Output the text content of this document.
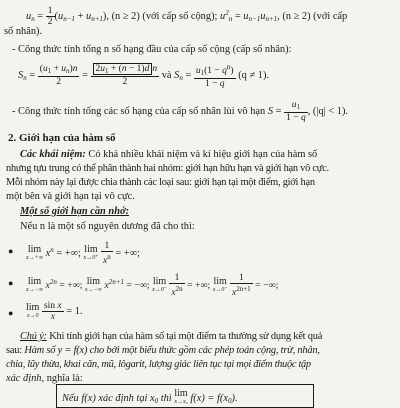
$u_n = \frac{1}{2} (u_{n-1} + u_{n+1})$, (n ≥ 2) (với cấp số cộng); $u^2_n = u_{n-1}u_{n+1}$, (n ≥ 2) (với cấp
số nhân).
- Công thức tính tổng n số hạng đầu của cấp số cộng (cấp số nhân):
$S_n = \frac{(u_1 + u_n)n}{2} = \frac{2u_1 + (n - 1)d n}{2}$ và $S_n = \frac{u_1(1 - q^n)}{1 - q} (q \ne 1)$.
- Công thức tính tổng các số hạng của cấp số nhân lùi vô hạn $S = \frac{u_1}{1 - q}$ , (|q| < 1).
2. Giới hạn của hàm số
Các khái niệm: Có khá nhiều khái niệm và kí hiệu giới hạn của hàm số
nhưng tựu trung có thể phân thành hai nhóm: giới hạn hữu hạn và giới hạn vô cực.
Mỗi nhóm này lại được chia thành các loại sau: giới hạn tại một điểm, giới hạn
một bên và giới hạn tại vô cực.
Một số giới hạn cần nhớ:
Nếu n là một số nguyên dương đã cho thì:
● lim
x→+∞ $x^n$ = +∞; lim
x→0⁺
$\frac{1}{x^n}$ = +∞;
● lim
x→−∞ $x^{2n}$ = +∞; lim
x→−∞ $x^{2n+1}$ = −∞; lim
x→0⁻
$\frac{1}{x^{2n}}$ = +∞; lim
x→0⁻
$\frac{1}{x^{2n+1}}$ = −∞;
●
lim
x→0
$\frac{\text{sin x}}{x} = 1$.
Chú ý: Khi tính giới hạn của hàm số tại một điểm ta thường sử dụng kết quả
sau: Hàm số y = f(x) cho bởi một biểu thức gồm các phép toán cộng, trừ, nhân,
chia, lũy thừa, khai căn, mũ, lôgarit, lượng giác liên tục tại mọi điểm thuộc tập
xác định, nghĩa là:
Nếu f(x) xác định tại $x_0$ thì lim
x→x₀ $f(x) = f(x_0)$.
